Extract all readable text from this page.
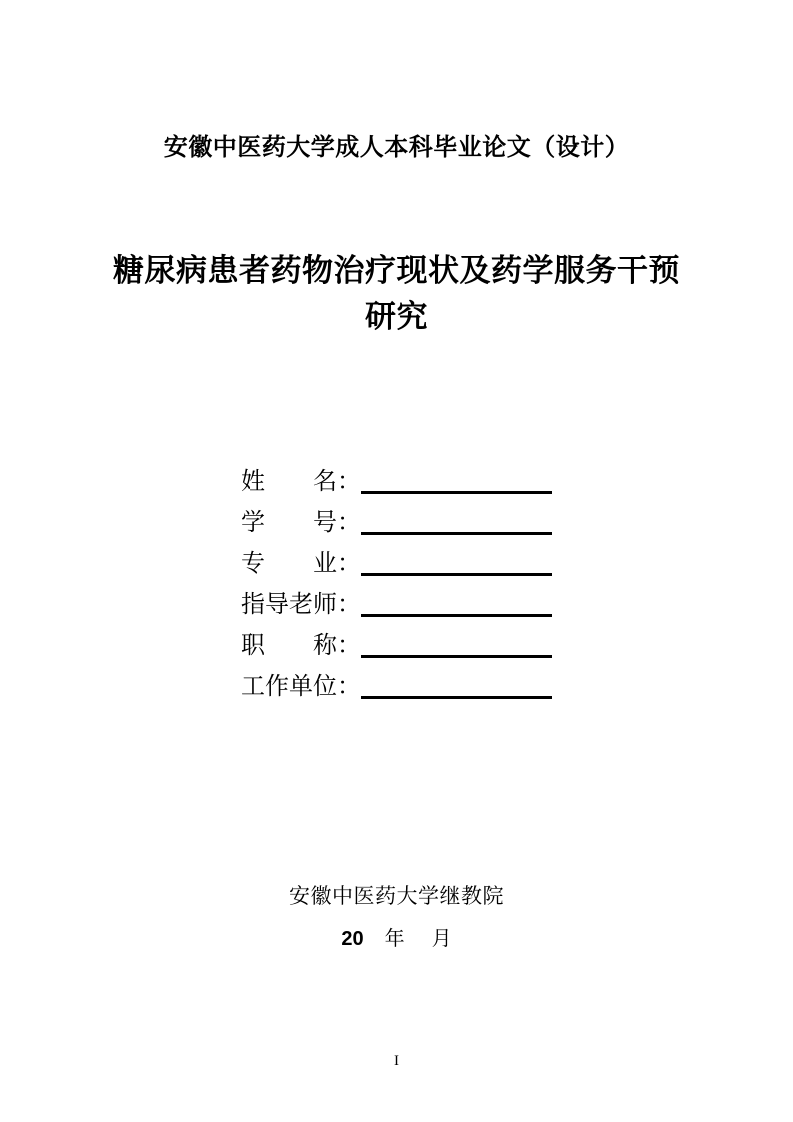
安徽中医药大学成人本科毕业论文（设计）
糖尿病患者药物治疗现状及药学服务干预
研究
姓　　名：
学　　号：
专　　业：
指导老师：
职　　称：
工作单位：
安徽中医药大学继教院
20 年 月
I
